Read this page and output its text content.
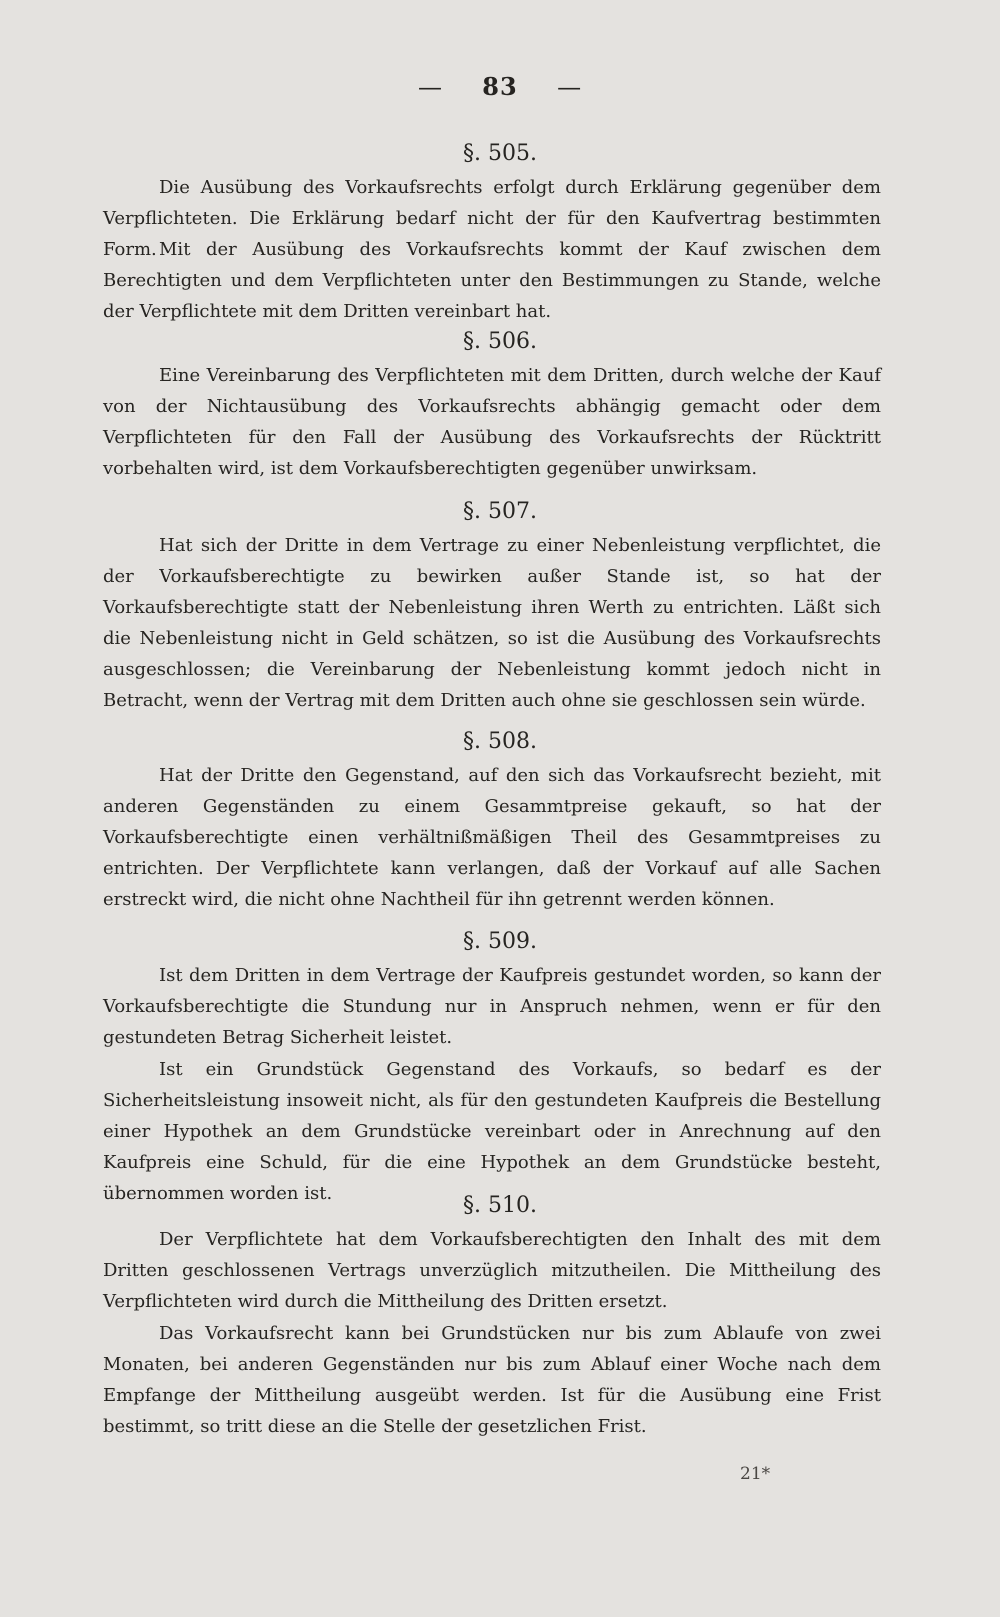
— 83 —
§. 505.

Die Ausübung des Vorkaufsrechts erfolgt durch Erklärung gegenüber dem Verpflichteten. Die Erklärung bedarf nicht der für den Kaufvertrag bestimmten Form. Mit der Ausübung des Vorkaufsrechts kommt der Kauf zwischen dem Berechtigten und dem Verpflichteten unter den Bestimmungen zu Stande, welche der Verpflichtete mit dem Dritten vereinbart hat.

§. 506.

Eine Vereinbarung des Verpflichteten mit dem Dritten, durch welche der Kauf von der Nichtausübung des Vorkaufsrechts abhängig gemacht oder dem Verpflichteten für den Fall der Ausübung des Vorkaufsrechts der Rücktritt vorbehalten wird, ist dem Vorkaufsberechtigten gegenüber unwirksam.

§. 507.

Hat sich der Dritte in dem Vertrage zu einer Nebenleistung verpflichtet, die der Vorkaufsberechtigte zu bewirken außer Stande ist, so hat der Vorkaufsberechtigte statt der Nebenleistung ihren Werth zu entrichten. Läßt sich die Nebenleistung nicht in Geld schätzen, so ist die Ausübung des Vorkaufsrechts ausgeschlossen; die Vereinbarung der Nebenleistung kommt jedoch nicht in Betracht, wenn der Vertrag mit dem Dritten auch ohne sie geschlossen sein würde.

§. 508.

Hat der Dritte den Gegenstand, auf den sich das Vorkaufsrecht bezieht, mit anderen Gegenständen zu einem Gesammtpreise gekauft, so hat der Vorkaufsberechtigte einen verhältnißmäßigen Theil des Gesammtpreises zu entrichten. Der Verpflichtete kann verlangen, daß der Vorkauf auf alle Sachen erstreckt wird, die nicht ohne Nachtheil für ihn getrennt werden können.

§. 509.

Ist dem Dritten in dem Vertrage der Kaufpreis gestundet worden, so kann der Vorkaufsberechtigte die Stundung nur in Anspruch nehmen, wenn er für den gestundeten Betrag Sicherheit leistet.

Ist ein Grundstück Gegenstand des Vorkaufs, so bedarf es der Sicherheitsleistung insoweit nicht, als für den gestundeten Kaufpreis die Bestellung einer Hypothek an dem Grundstücke vereinbart oder in Anrechnung auf den Kaufpreis eine Schuld, für die eine Hypothek an dem Grundstücke besteht, übernommen worden ist.	§. 510.

Der Verpflichtete hat dem Vorkaufsberechtigten den Inhalt des mit dem Dritten geschlossenen Vertrags unverzüglich mitzutheilen. Die Mittheilung des Verpflichteten wird durch die Mittheilung des Dritten ersetzt.

Das Vorkaufsrecht kann bei Grundstücken nur bis zum Ablaufe von zwei Monaten, bei anderen Gegenständen nur bis zum Ablauf einer Woche nach dem Empfange der Mittheilung ausgeübt werden. Ist für die Ausübung eine Frist bestimmt, so tritt diese an die Stelle der gesetzlichen Frist.

21*
